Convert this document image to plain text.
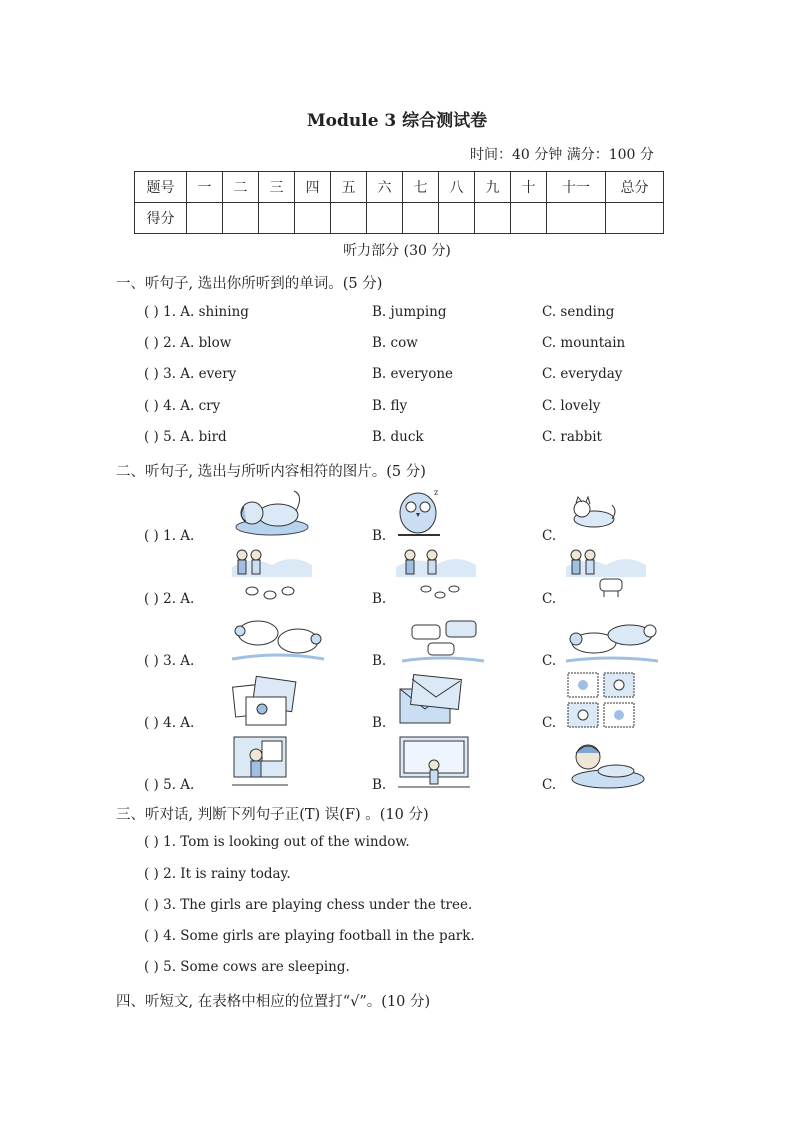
Module 3 综合测试卷
时间：40 分钟 满分：100 分
题号	一	二	三	四	五	六	七	八	九	十	十一	总分
得分												
听力部分 (30 分)
一、听句子, 选出你所听到的单词。(5 分)
( ) 1. A. shining	B. jumping	C. sending
( ) 2. A. blow	B. cow	C. mountain
( ) 3. A. every	B. everyone	C. everyday
( ) 4. A. cry	B. fly	C. lovely
( ) 5. A. bird	B. duck	C. rabbit
二、听句子, 选出与所听内容相符的图片。(5 分)
( ) 1. A.	B.	C.
( ) 2. A.	B.	C.
( ) 3. A.	B.	C.
( ) 4. A.	B.	C.
( ) 5. A.	B.	C.
z
三、听对话, 判断下列句子正(T) 误(F) 。(10 分)
( ) 1. Tom is looking out of the window.
( ) 2. It is rainy today.
( ) 3. The girls are playing chess under the tree.
( ) 4. Some girls are playing football in the park.
( ) 5. Some cows are sleeping.
四、听短文, 在表格中相应的位置打“√”。(10 分)
